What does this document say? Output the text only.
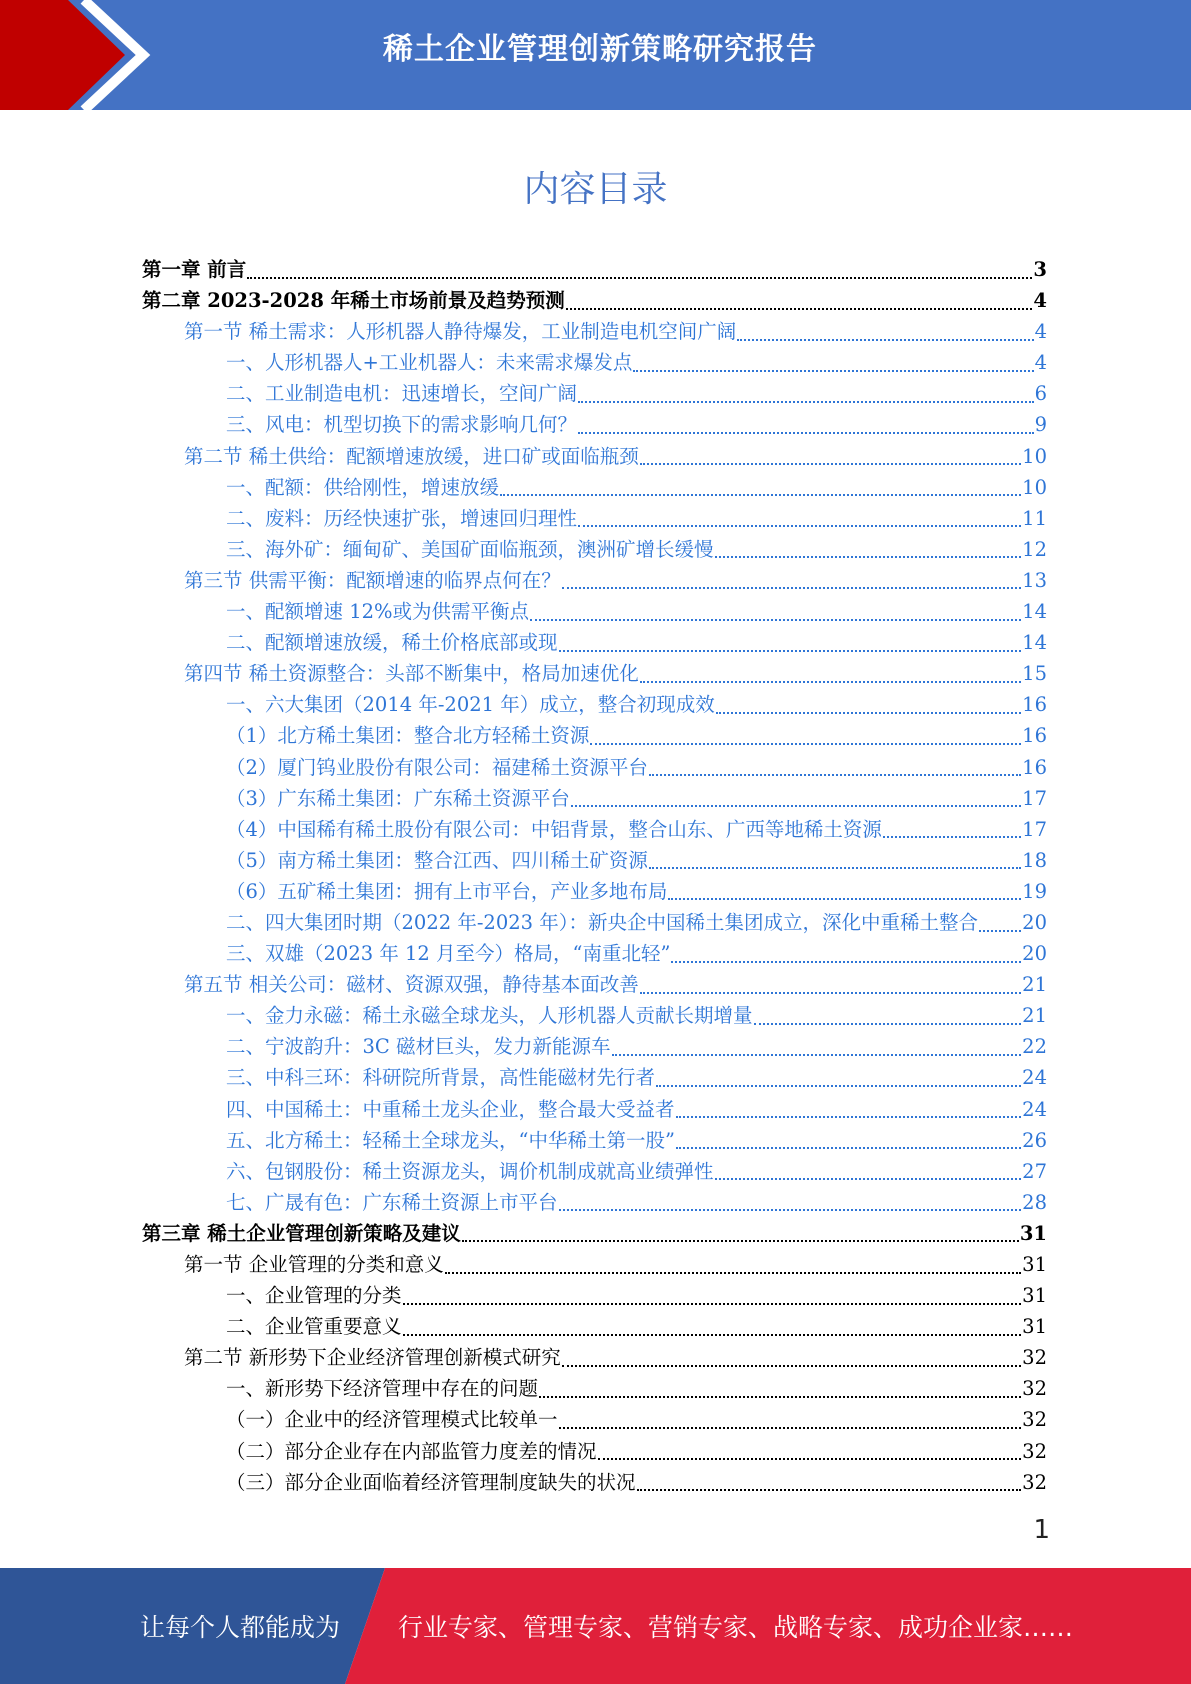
稀土企业管理创新策略研究报告
内容目录
第一章 前言	3
第二章 2023-2028 年稀土市场前景及趋势预测	4
第一节 稀土需求：人形机器人静待爆发，工业制造电机空间广阔	4
一、人形机器人+工业机器人：未来需求爆发点	4
二、工业制造电机：迅速增长，空间广阔	6
三、风电：机型切换下的需求影响几何？	9
第二节 稀土供给：配额增速放缓，进口矿或面临瓶颈	10
一、配额：供给刚性，增速放缓	10
二、废料：历经快速扩张，增速回归理性	11
三、海外矿：缅甸矿、美国矿面临瓶颈，澳洲矿增长缓慢	12
第三节 供需平衡：配额增速的临界点何在？	13
一、配额增速 12%或为供需平衡点	14
二、配额增速放缓，稀土价格底部或现	14
第四节 稀土资源整合：头部不断集中，格局加速优化	15
一、六大集团（2014 年-2021 年）成立，整合初现成效	16
（1）北方稀土集团：整合北方轻稀土资源	16
（2）厦门钨业股份有限公司：福建稀土资源平台	16
（3）广东稀土集团：广东稀土资源平台	17
（4）中国稀有稀土股份有限公司：中铝背景，整合山东、广西等地稀土资源	17
（5）南方稀土集团：整合江西、四川稀土矿资源	18
（6）五矿稀土集团：拥有上市平台，产业多地布局	19
二、四大集团时期（2022 年-2023 年）：新央企中国稀土集团成立，深化中重稀土整合 20
三、双雄（2023 年 12 月至今）格局，“南重北轻”	20
第五节 相关公司：磁材、资源双强，静待基本面改善	21
一、金力永磁：稀土永磁全球龙头，人形机器人贡献长期增量	21
二、宁波韵升：3C 磁材巨头，发力新能源车	22
三、中科三环：科研院所背景，高性能磁材先行者	24
四、中国稀土：中重稀土龙头企业，整合最大受益者	24
五、北方稀土：轻稀土全球龙头，“中华稀土第一股”	26
六、包钢股份：稀土资源龙头，调价机制成就高业绩弹性	27
七、广晟有色：广东稀土资源上市平台	28
第三章 稀土企业管理创新策略及建议	31
第一节 企业管理的分类和意义	31
一、企业管理的分类	31
二、企业管重要意义	31
第二节 新形势下企业经济管理创新模式研究	32
一、新形势下经济管理中存在的问题	32
（一）企业中的经济管理模式比较单一	32
（二）部分企业存在内部监管力度差的情况	32
（三）部分企业面临着经济管理制度缺失的状况	32
1
让每个人都能成为 行业专家、管理专家、营销专家、战略专家、成功企业家……
